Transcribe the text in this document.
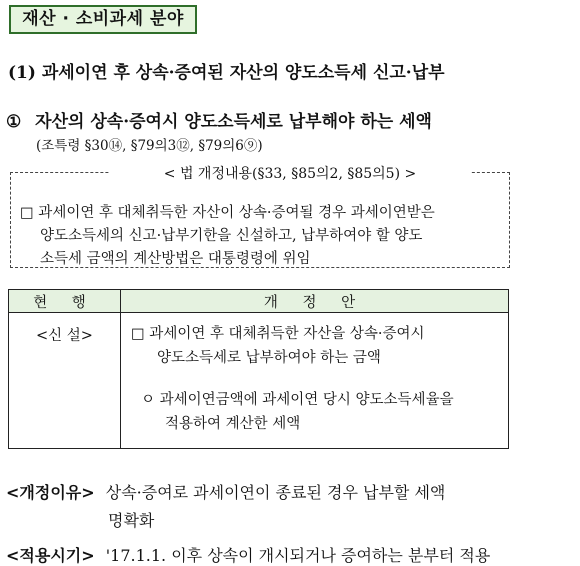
재산 · 소비과세 분야
(1) 과세이연 후 상속·증여된 자산의 양도소득세 신고·납부
① 자산의 상속·증여시 양도소득세로 납부해야 하는 세액
(조특령 §30⑭, §79의3⑫, §79의6⑨)
< 법 개정내용(§33, §85의2, §85의5) >
□ 과세이연 후 대체취득한 자산이 상속·증여될 경우 과세이연받은
양도소득세의 신고·납부기한을 신설하고, 납부하여야 할 양도
소득세 금액의 계산방법은 대통령령에 위임
현 행	개 정 안
<신 설>	□ 과세이연 후 대체취득한 자산을 상속·증여시
양도소득세로 납부하여야 하는 금액
ㅇ 과세이연금액에 과세이연 당시 양도소득세율을
적용하여 계산한 세액
<개정이유> 상속·증여로 과세이연이 종료된 경우 납부할 세액
명확화
<적용시기> '17.1.1. 이후 상속이 개시되거나 증여하는 분부터 적용
